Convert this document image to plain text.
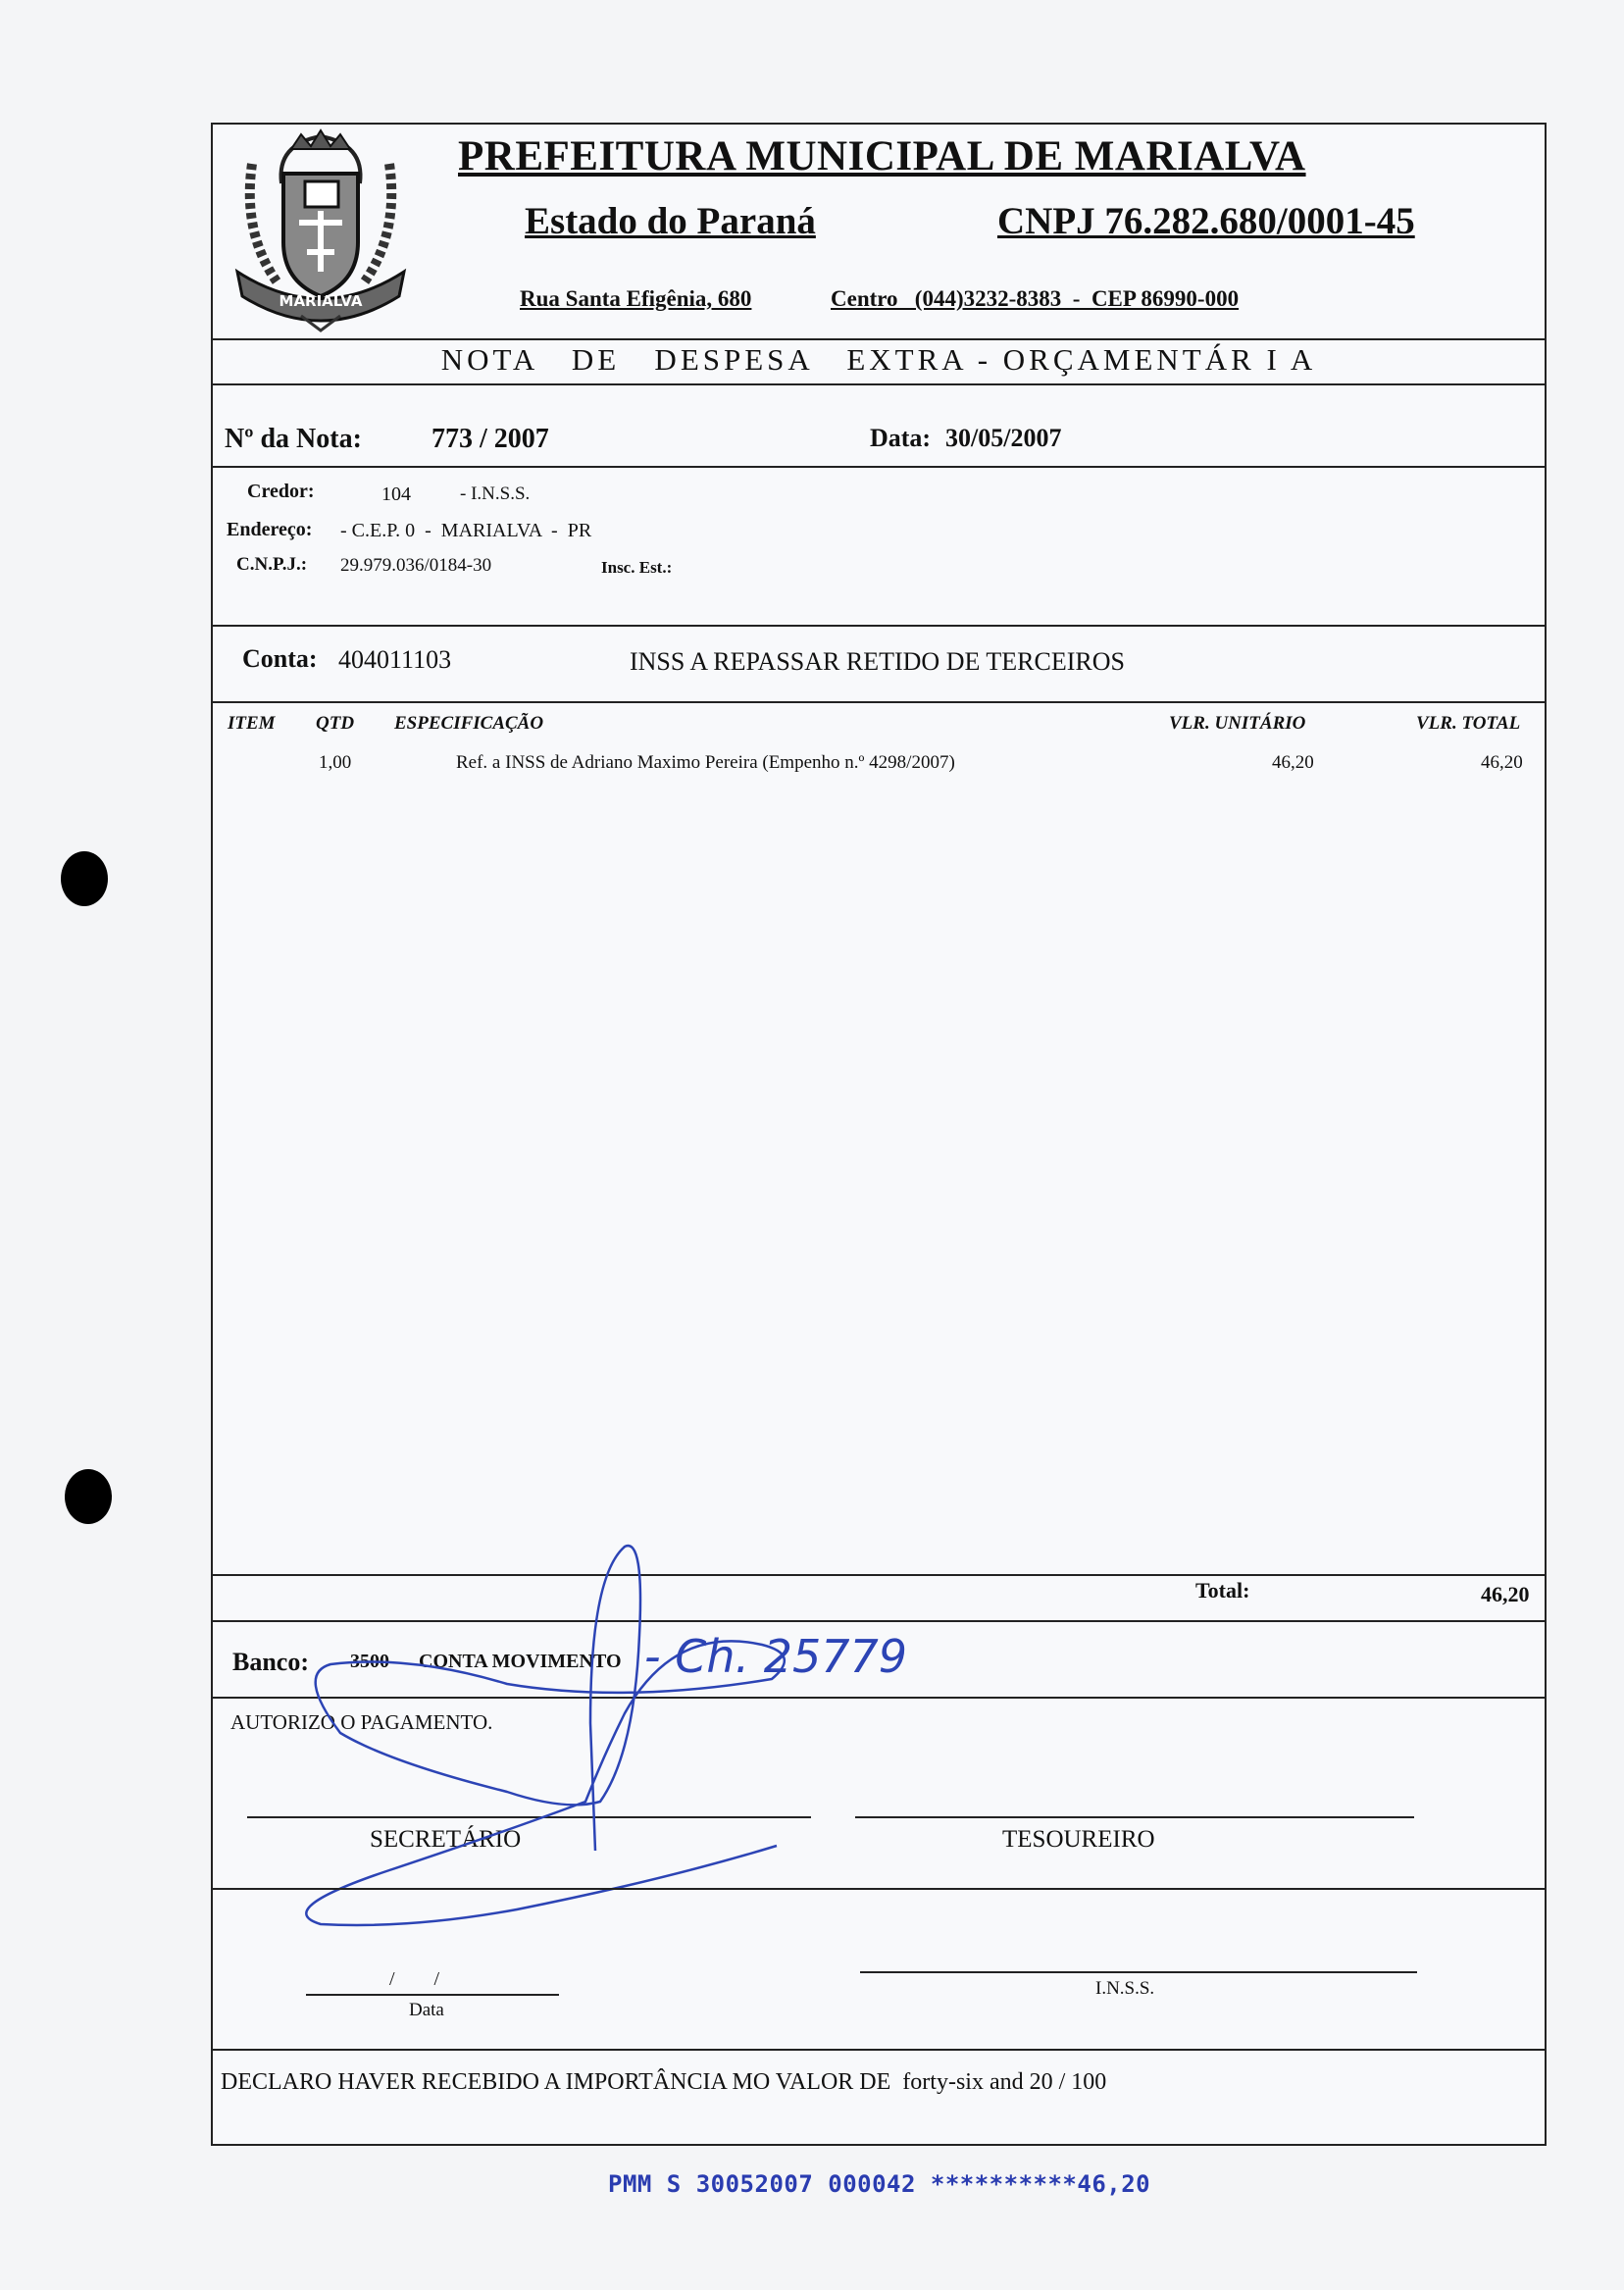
MARIALVA
PREFEITURA MUNICIPAL DE MARIALVA
Estado do Paraná	CNPJ 76.282.680/0001-45
Rua Santa Efigênia, 680	Centro   (044)3232-8383  -  CEP 86990-000
NOTA   DE   DESPESA   EXTRA - ORÇAMENTÁR I A
Nº da Nota:	773 / 2007	Data: 30/05/2007
Credor:	104	- I.N.S.S.
Endereço: - C.E.P. 0  -  MARIALVA  -  PR
C.N.P.J.: 29.979.036/0184-30	Insc. Est.:
Conta: 404011103	INSS A REPASSAR RETIDO DE TERCEIROS
ITEM QTD ESPECIFICAÇÃO	VLR. UNITÁRIO	VLR. TOTAL
1,00	Ref. a INSS de Adriano Maximo Pereira (Empenho n.º 4298/2007)	46,20	46,20
Total:	46,20
Banco: 3500 CONTA MOVIMENTO - Ch. 25779
AUTORIZO O PAGAMENTO.
SECRETÁRIO	TESOUREIRO
/        /
Data
I.N.S.S.
DECLARO HAVER RECEBIDO A IMPORTÂNCIA MO VALOR DE  forty-six and 20 / 100
PMM S 30052007 000042 **********46,20
